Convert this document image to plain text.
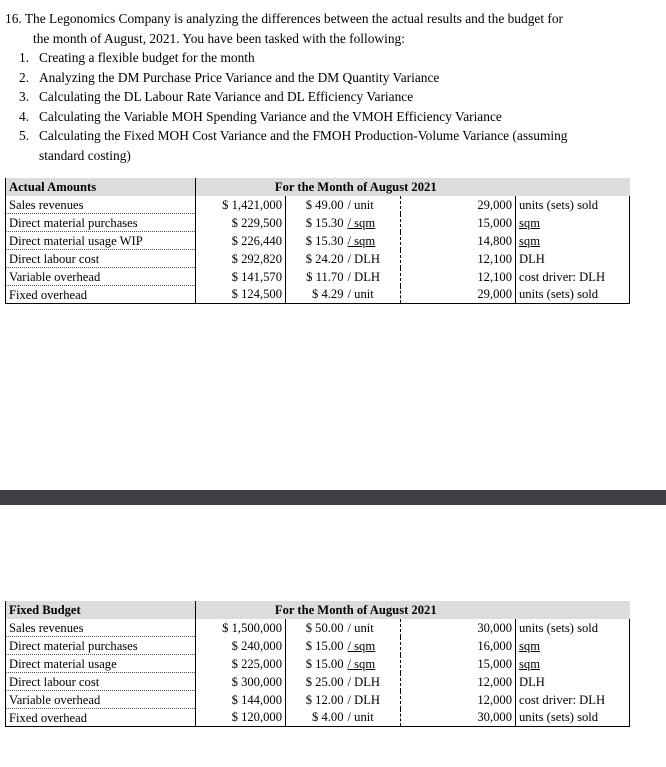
16. The Legonomics Company is analyzing the differences between the actual results and the budget for
the month of August, 2021. You have been tasked with the following:
1. Creating a flexible budget for the month
2. Analyzing the DM Purchase Price Variance and the DM Quantity Variance
3. Calculating the DL Labour Rate Variance and DL Efficiency Variance
4. Calculating the Variable MOH Spending Variance and the VMOH Efficiency Variance
5. Calculating the Fixed MOH Cost Variance and the FMOH Production-Volume Variance (assuming
standard costing)
Actual Amounts	For the Month of August 2021				
Sales revenues	$ 1,421,000	$ 49.00	/ unit	29,000	units (sets) sold
Direct material purchases	$ 229,500	$ 15.30	/ sqm	15,000	sqm
Direct material usage WIP	$ 226,440	$ 15.30	/ sqm	14,800	sqm
Direct labour cost	$ 292,820	$ 24.20	/ DLH	12,100	DLH
Variable overhead	$ 141,570	$ 11.70	/ DLH	12,100	cost driver: DLH
Fixed overhead	$ 124,500	$ 4.29	/ unit	29,000	units (sets) sold
Fixed Budget	For the Month of August 2021				
Sales revenues	$ 1,500,000	$ 50.00	/ unit	30,000	units (sets) sold
Direct material purchases	$ 240,000	$ 15.00	/ sqm	16,000	sqm
Direct material usage	$ 225,000	$ 15.00	/ sqm	15,000	sqm
Direct labour cost	$ 300,000	$ 25.00	/ DLH	12,000	DLH
Variable overhead	$ 144,000	$ 12.00	/ DLH	12,000	cost driver: DLH
Fixed overhead	$ 120,000	$ 4.00	/ unit	30,000	units (sets) sold
